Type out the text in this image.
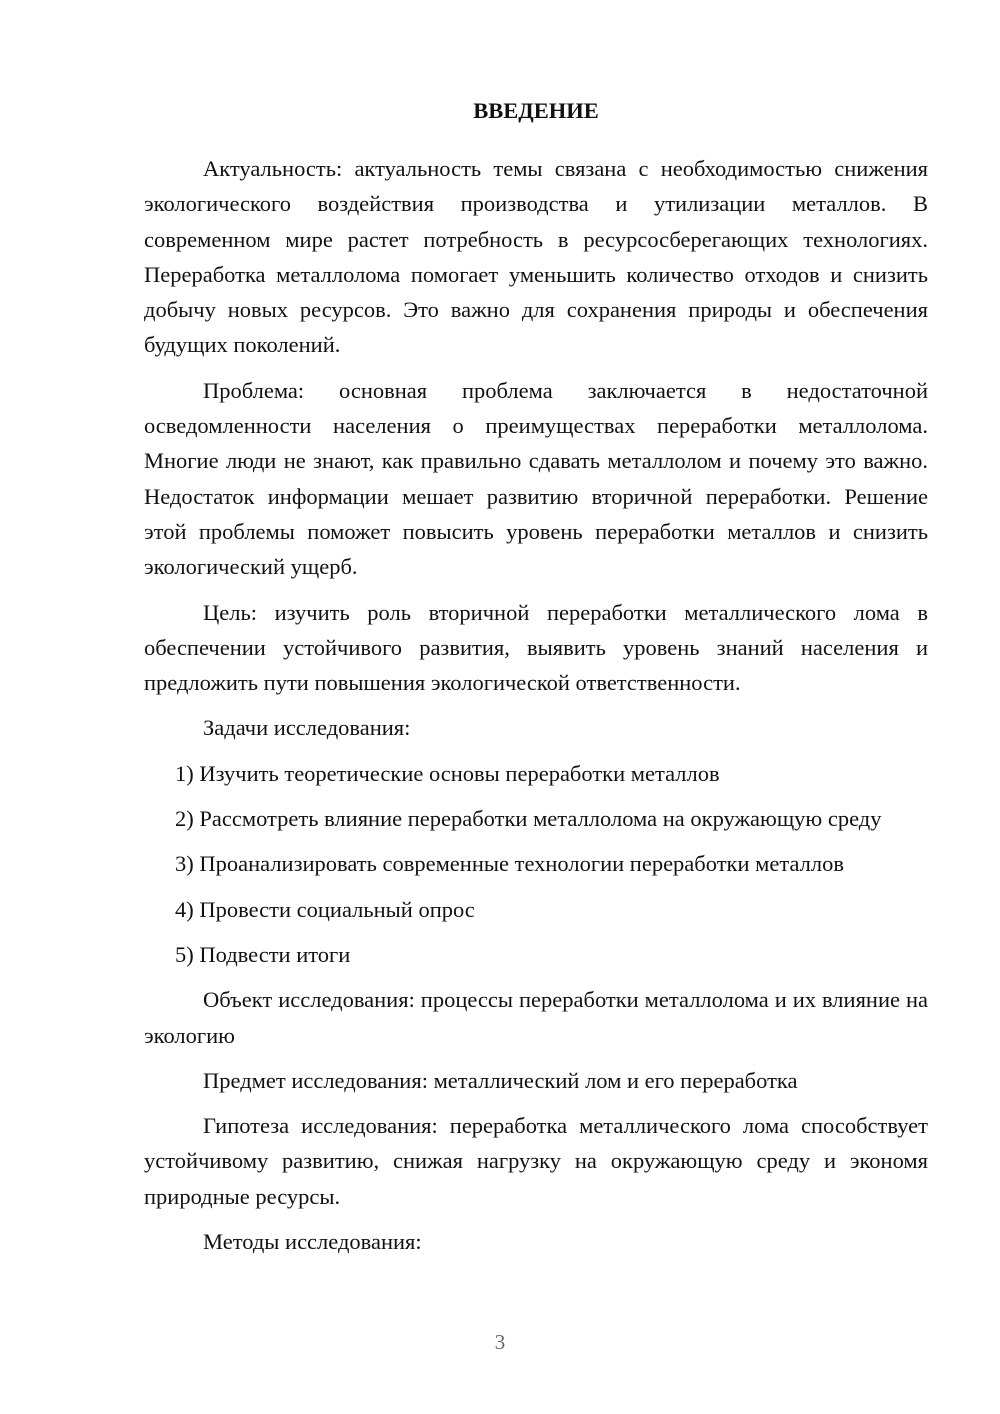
ВВЕДЕНИЕ

Актуальность: актуальность темы связана с необходимостью снижения экологического воздействия производства и утилизации металлов. В современном мире растет потребность в ресурсосберегающих технологиях. Переработка металлолома помогает уменьшить количество отходов и снизить добычу новых ресурсов. Это важно для сохранения природы и обеспечения будущих поколений.

Проблема: основная проблема заключается в недостаточной осведомленности населения о преимуществах переработки металлолома. Многие люди не знают, как правильно сдавать металлолом и почему это важно. Недостаток информации мешает развитию вторичной переработки. Решение этой проблемы поможет повысить уровень переработки металлов и снизить экологический ущерб.

Цель: изучить роль вторичной переработки металлического лома в обеспечении устойчивого развития, выявить уровень знаний населения и предложить пути повышения экологической ответственности.

Задачи исследования:

1) Изучить теоретические основы переработки металлов

2) Рассмотреть влияние переработки металлолома на окружающую среду

3) Проанализировать современные технологии переработки металлов

4) Провести социальный опрос

5) Подвести итоги

Объект исследования: процессы переработки металлолома и их влияние на экологию

Предмет исследования: металлический лом и его переработка

Гипотеза исследования: переработка металлического лома способствует устойчивому развитию, снижая нагрузку на окружающую среду и экономя природные ресурсы.

Методы исследования:

3
